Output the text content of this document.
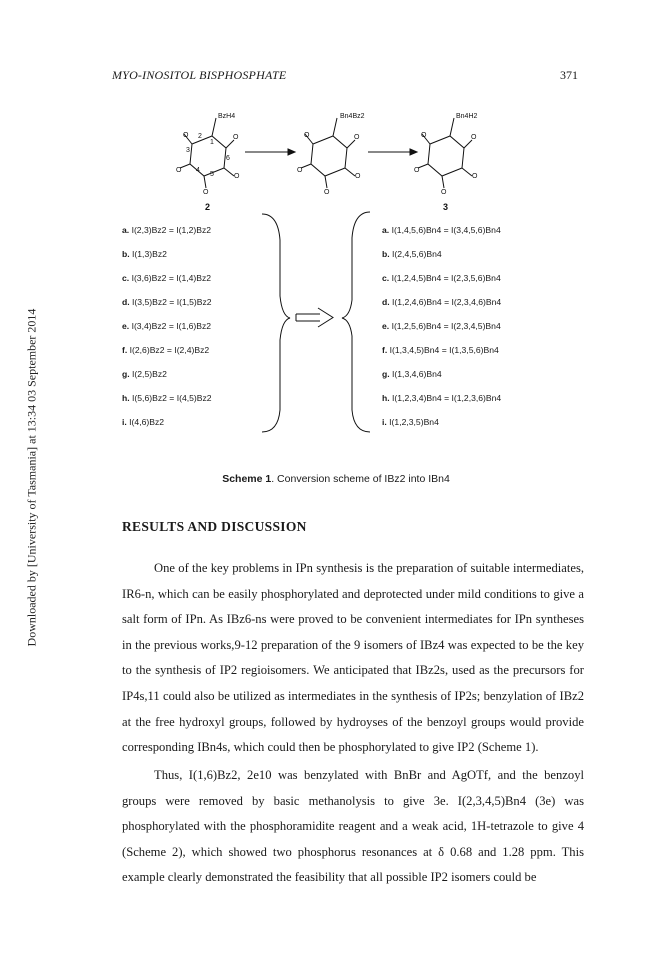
Downloaded by [University of Tasmania] at 13:34 03 September 2014
MYO-INOSITOL BISPHOSPHATE	371
1
2
3
4
5
6
BzH4	Bn4Bz2	Bn4H2
O	O
O
O
O
O	O
O
O
O
O	O
O
O
O
2	3
a. I(2,3)Bz2 = I(1,2)Bz2
b. I(1,3)Bz2
c. I(3,6)Bz2 = I(1,4)Bz2
d. I(3,5)Bz2 = I(1,5)Bz2
e. I(3,4)Bz2 = I(1,6)Bz2
f. I(2,6)Bz2 = I(2,4)Bz2
g. I(2,5)Bz2
h. I(5,6)Bz2 = I(4,5)Bz2
i. I(4,6)Bz2
a. I(1,4,5,6)Bn4 = I(3,4,5,6)Bn4
b. I(2,4,5,6)Bn4
c. I(1,2,4,5)Bn4 = I(2,3,5,6)Bn4
d. I(1,2,4,6)Bn4 = I(2,3,4,6)Bn4
e. I(1,2,5,6)Bn4 = I(2,3,4,5)Bn4
f. I(1,3,4,5)Bn4 = I(1,3,5,6)Bn4
g. I(1,3,4,6)Bn4
h. I(1,2,3,4)Bn4 = I(1,2,3,6)Bn4
i. I(1,2,3,5)Bn4
Scheme 1. Conversion scheme of IBz2 into IBn4
RESULTS AND DISCUSSION

One of the key problems in IPn synthesis is the preparation of suitable intermediates, IR6-n, which can be easily phosphorylated and deprotected under mild conditions to give a salt form of IPn. As IBz6-ns were proved to be convenient intermediates for IPn syntheses in the previous works,9-12 preparation of the 9 isomers of IBz4 was expected to be the key to the synthesis of IP2 regioisomers. We anticipated that IBz2s, used as the precursors for IP4s,11 could also be utilized as intermediates in the synthesis of IP2s; benzylation of IBz2 at the free hydroxyl groups, followed by hydroyses of the benzoyl groups would provide corresponding IBn4s, which could then be phosphorylated to give IP2 (Scheme 1).

Thus, I(1,6)Bz2, 2e10 was benzylated with BnBr and AgOTf, and the benzoyl groups were removed by basic methanolysis to give 3e. I(2,3,4,5)Bn4 (3e) was phosphorylated with the phosphoramidite reagent and a weak acid, 1H-tetrazole to give 4 (Scheme 2), which showed two phosphorus resonances at δ 0.68 and 1.28 ppm. This example clearly demonstrated the feasibility that all possible IP2 isomers could be
